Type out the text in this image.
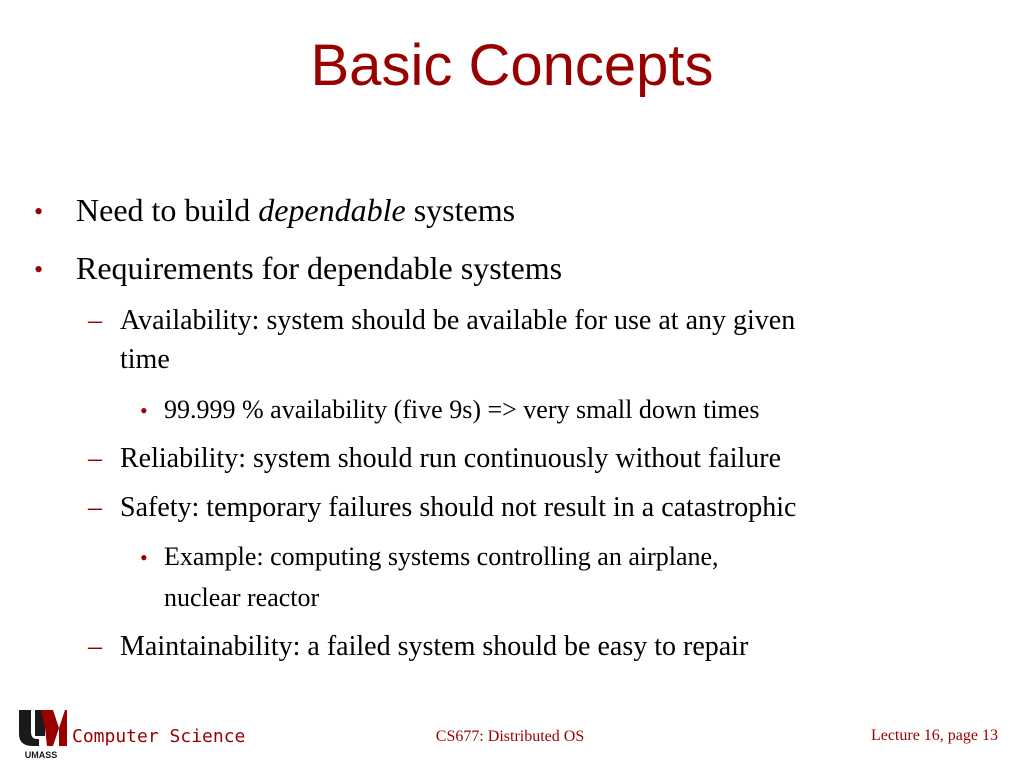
Basic Concepts
• Need to build dependable systems
• Requirements for dependable systems
– Availability: system should be available for use at any given
time
• 99.999 % availability (five 9s) => very small down times
– Reliability: system should run continuously without failure
– Safety: temporary failures should not result in a catastrophic
• Example: computing systems controlling an airplane,
nuclear reactor
– Maintainability: a failed system should be easy to repair
UMASS
Computer Science	CS677: Distributed OS	Lecture 16, page 13
